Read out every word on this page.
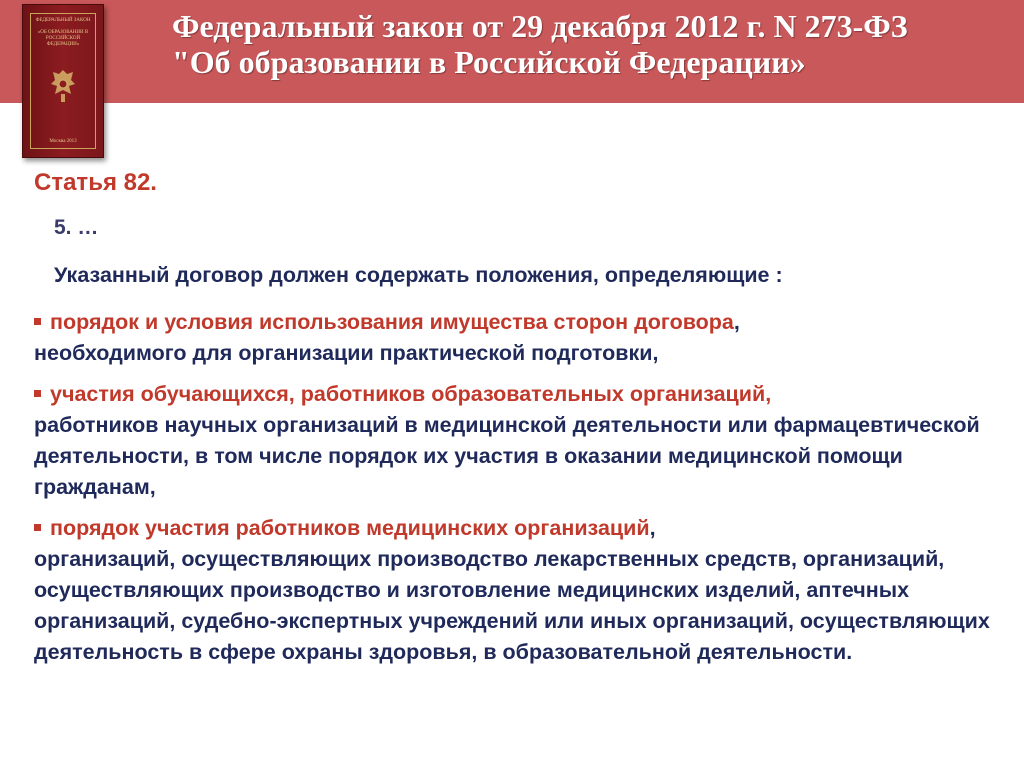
Федеральный закон от 29 декабря 2012 г. N 273-ФЗ
"Об образовании в Российской Федерации»
ФЕДЕРАЛЬНЫЙ ЗАКОН
«ОБ ОБРАЗОВАНИИ В РОССИЙСКОЙ ФЕДЕРАЦИИ»
Москва 2013
Статья 82.
5. …
Указанный договор должен содержать положения, определяющие :
порядок и условия использования имущества сторон договора,
необходимого для организации практической подготовки,
участия обучающихся, работников образовательных организаций,
работников научных организаций в медицинской деятельности или фармацевтической деятельности, в том числе порядок их участия в оказании медицинской помощи гражданам,
порядок участия работников медицинских организаций,
организаций, осуществляющих производство лекарственных средств, организаций, осуществляющих производство и изготовление медицинских изделий, аптечных организаций, судебно-экспертных учреждений или иных организаций, осуществляющих деятельность в сфере охраны здоровья, в образовательной деятельности.
